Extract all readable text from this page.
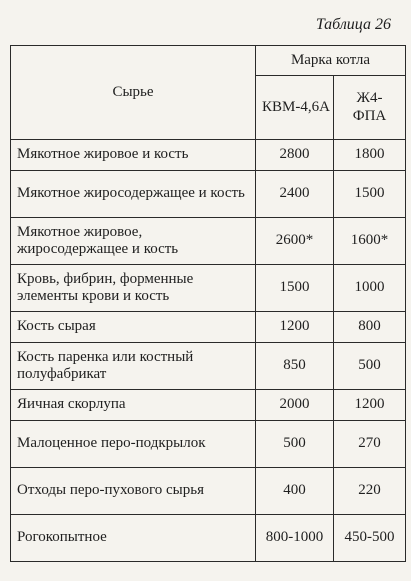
Таблица 26
Сырье	Марка котла	
	КВМ-4,6А	Ж4-ФПА
Мякотное жировое и кость	2800	1800
Мякотное жиросодержащее и кость	2400	1500
Мякотное жировое, жиросодержащее и кость	2600*	1600*
Кровь, фибрин, форменные элементы крови и кость	1500	1000
Кость сырая	1200	800
Кость паренка или костный полуфабрикат	850	500
Яичная скорлупа	2000	1200
Малоценное перо-подкрылок	500	270
Отходы перо-пухового сырья	400	220
Рогокопытное	800-1000	450-500
